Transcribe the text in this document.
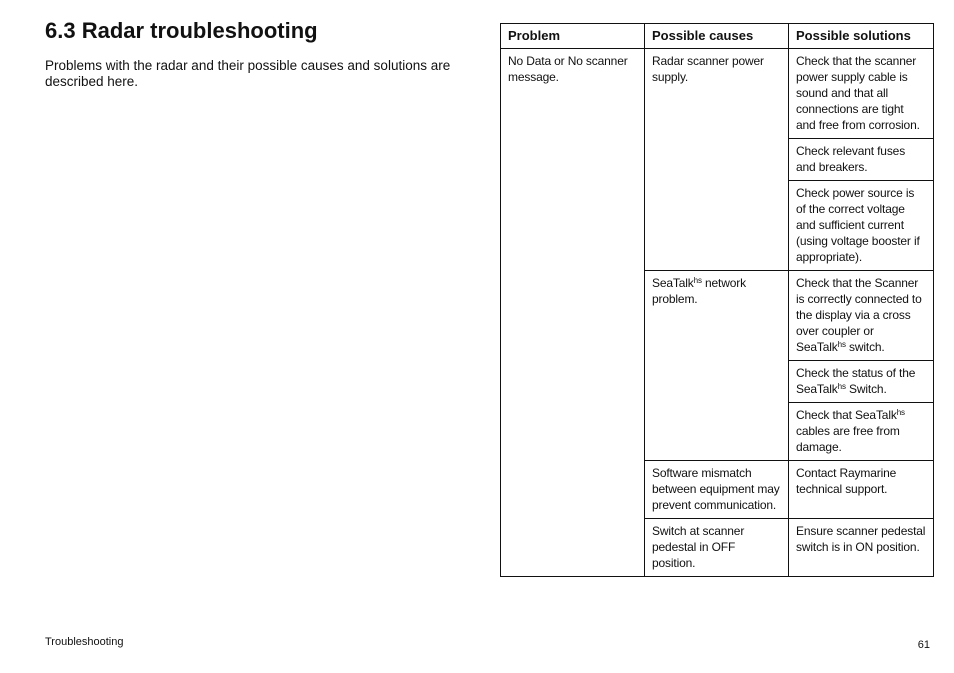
6.3 Radar troubleshooting

Problems with the radar and their possible causes and solutions are described here.

Problem	Possible causes	Possible solutions
No Data or No scanner message.	Radar scanner power supply.	Check that the scanner power supply cable is sound and that all connections are tight and free from corrosion.
		Check relevant fuses and breakers.
		Check power source is of the correct voltage and sufficient current (using voltage booster if appropriate).
	SeaTalk$^{hs}$ network problem.	Check that the Scanner is correctly connected to the display via a cross over coupler or SeaTalk$^{hs}$ switch.
		Check the status of the SeaTalk$^{hs}$ Switch.
		Check that SeaTalk$^{hs}$ cables are free from damage.
	Software mismatch between equipment may prevent communication.	Contact Raymarine technical support.
	Switch at scanner pedestal in OFF position.	Ensure scanner pedestal switch is in ON position.
Troubleshooting	61
